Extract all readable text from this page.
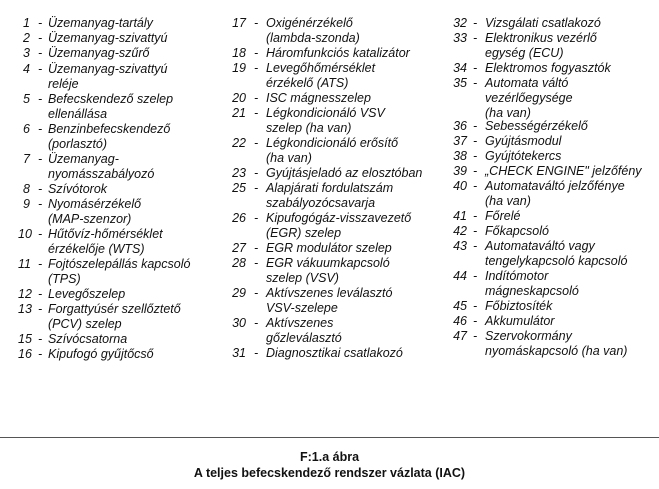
1 - Üzemanyag-tartály
2 - Üzemanyag-szivattyú
3 - Üzemanyag-szűrő
4 - Üzemanyag-szivattyú
reléje
5 - Befecskendező szelep
ellenállása
6 - Benzinbefecskendező
(porlasztó)
7 - Üzemanyag-
nyomásszabályozó
8 - Szívótorok
9 - Nyomásérzékelő
(MAP-szenzor)
10 - Hűtővíz-hőmérséklet
érzékelője (WTS)
11 - Fojtószelepállás kapcsoló
(TPS)
12 - Levegőszelep
13 - Forgattyúsér szellőztető
(PCV) szelep
15 - Szívócsatorna
16 - Kipufogó gyűjtőcső
17 - Oxigénérzékelő
(lambda-szonda)
18 - Háromfunkciós katalizátor
19 - Levegőhőmérséklet
érzékelő (ATS)
20 - ISC mágnesszelep
21 - Légkondicionáló VSV
szelep (ha van)
22 - Légkondicionáló erősítő
(ha van)
23 - Gyújtásjeladó az elosztóban
25 - Alapjárati fordulatszám
szabályozócsavarja
26 - Kipufogógáz-visszavezető
(EGR) szelep
27 - EGR modulátor szelep
28 - EGR vákuumkapcsoló
szelep (VSV)
29 - Aktívszenes leválasztó
VSV-szelepe
30 - Aktívszenes
gőzleválasztó
31 - Diagnosztikai csatlakozó
32 - Vizsgálati csatlakozó
33 - Elektronikus vezérlő
egység (ECU)
34 - Elektromos fogyasztók
35 - Automata váltó
vezérlőegysége
(ha van)
36 - Sebességérzékelő
37 - Gyújtásmodul
38 - Gyújtótekercs
39 - „CHECK ENGINE" jelzőfény
40 - Automataváltó jelzőfénye
(ha van)
41 - Főrelé
42 - Főkapcsoló
43 - Automataváltó vagy
tengelykapcsoló kapcsoló
44 - Indítómotor
mágneskapcsoló
45 - Főbiztosíték
46 - Akkumulátor
47 - Szervokormány
nyomáskapcsoló (ha van)
F:1.a ábra
A teljes befecskendező rendszer vázlata (IAC)
